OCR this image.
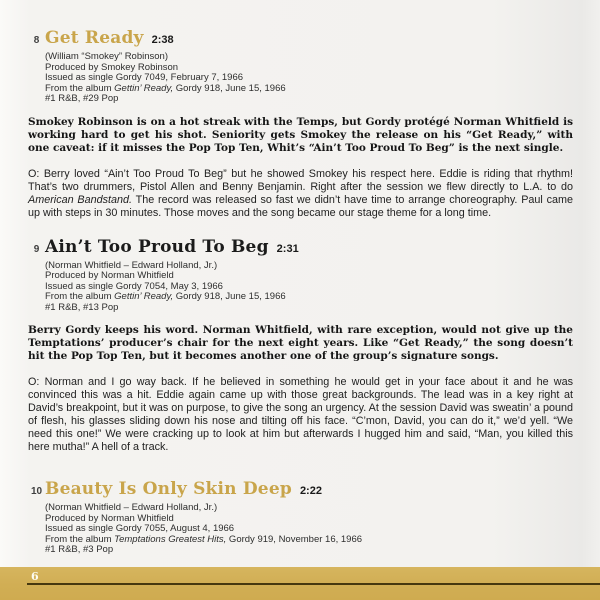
8 Get Ready 2:38
(William “Smokey” Robinson)
Produced by Smokey Robinson
Issued as single Gordy 7049, February 7, 1966
From the album Gettin’ Ready, Gordy 918, June 15, 1966
#1 R&B, #29 Pop

Smokey Robinson is on a hot streak with the Temps, but Gordy protégé Norman Whitfield is working hard to get his shot. Seniority gets Smokey the release on his “Get Ready,” with one caveat: if it misses the Pop Top Ten, Whit’s “Ain’t Too Proud To Beg” is the next single.

O: Berry loved “Ain’t Too Proud To Beg” but he showed Smokey his respect here. Eddie is riding that rhythm! That’s two drummers, Pistol Allen and Benny Benjamin. Right after the session we flew directly to L.A. to do American Bandstand. The record was released so fast we didn’t have time to arrange choreography. Paul came up with steps in 30 minutes. Those moves and the song became our stage theme for a long time.

9 Ain’t Too Proud To Beg 2:31
(Norman Whitfield – Edward Holland, Jr.)
Produced by Norman Whitfield
Issued as single Gordy 7054, May 3, 1966
From the album Gettin’ Ready, Gordy 918, June 15, 1966
#1 R&B, #13 Pop

Berry Gordy keeps his word. Norman Whitfield, with rare exception, would not give up the Temptations’ producer’s chair for the next eight years. Like “Get Ready,” the song doesn’t hit the Pop Top Ten, but it becomes another one of the group’s signature songs.

O: Norman and I go way back. If he believed in something he would get in your face about it and he was convinced this was a hit. Eddie again came up with those great backgrounds. The lead was in a key right at David’s breakpoint, but it was on purpose, to give the song an urgency. At the session David was sweatin’ a pound of flesh, his glasses sliding down his nose and tilting off his face. “C’mon, David, you can do it,” we’d yell. “We need this one!” We were cracking up to look at him but afterwards I hugged him and said, “Man, you killed this here mutha!” A hell of a track.

10 Beauty Is Only Skin Deep 2:22
(Norman Whitfield – Edward Holland, Jr.)
Produced by Norman Whitfield
Issued as single Gordy 7055, August 4, 1966
From the album Temptations Greatest Hits, Gordy 919, November 16, 1966
#1 R&B, #3 Pop
6
